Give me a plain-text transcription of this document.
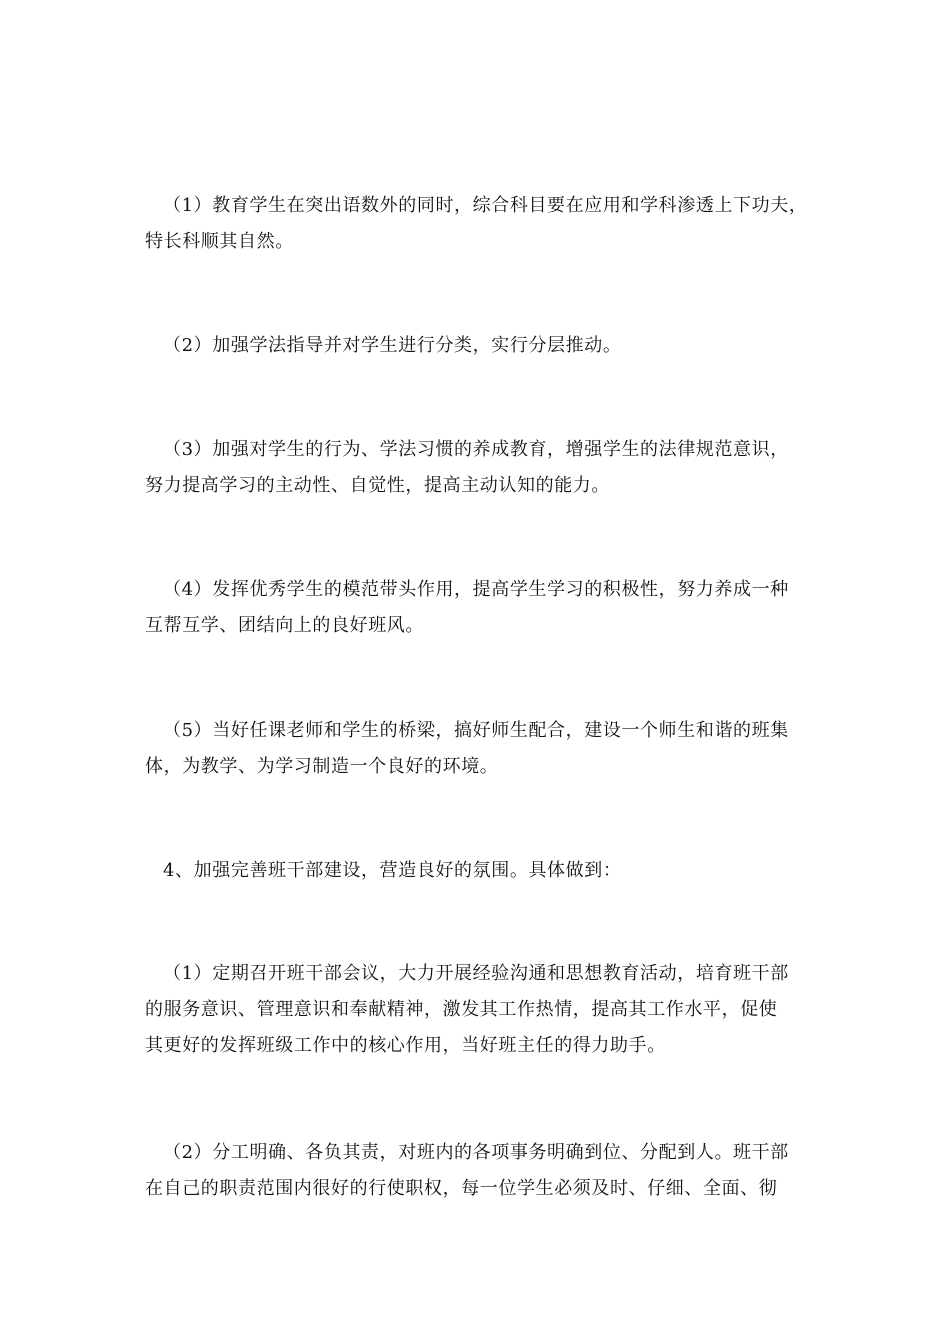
（1）教育学生在突出语数外的同时，综合科目要在应用和学科渗透上下功夫，
特长科顺其自然。

（2）加强学法指导并对学生进行分类，实行分层推动。

（3）加强对学生的行为、学法习惯的养成教育，增强学生的法律规范意识，
努力提高学习的主动性、自觉性，提高主动认知的能力。

（4）发挥优秀学生的模范带头作用，提高学生学习的积极性，努力养成一种
互帮互学、团结向上的良好班风。

（5）当好任课老师和学生的桥梁，搞好师生配合，建设一个师生和谐的班集
体，为教学、为学习制造一个良好的环境。

4、加强完善班干部建设，营造良好的氛围。具体做到：

（1）定期召开班干部会议，大力开展经验沟通和思想教育活动，培育班干部
的服务意识、管理意识和奉献精神，激发其工作热情，提高其工作水平，促使
其更好的发挥班级工作中的核心作用，当好班主任的得力助手。

（2）分工明确、各负其责，对班内的各项事务明确到位、分配到人。班干部
在自己的职责范围内很好的行使职权，每一位学生必须及时、仔细、全面、彻
